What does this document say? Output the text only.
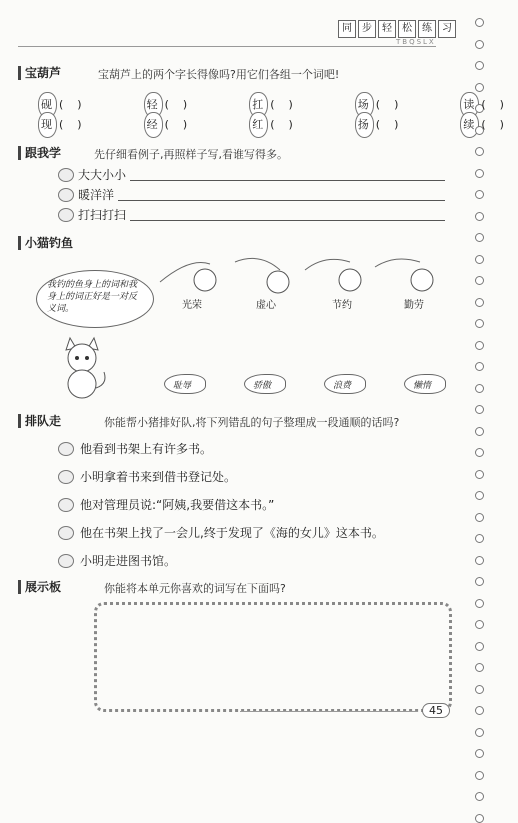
同	步	轻	松	练	习
TBQSLX
宝葫芦	宝葫芦上的两个字长得像吗?用它们各组一个词吧!
砚 ()	轻 ()	扛 ()	场 ()	读 ()
现 ()	经 ()	红 ()	扬 ()	续 ()
跟我学	先仔细看例子,再照样子写,看谁写得多。
大大小小
暖洋洋
打扫打扫
小猫钓鱼
我钓的鱼身上的词和我身上的词正好是一对反义词。	光荣	虚心	节约	勤劳
耻辱	骄傲	浪费	懒惰
排队走	你能帮小猪排好队,将下列错乱的句子整理成一段通顺的话吗?
他看到书架上有许多书。
小明拿着书来到借书登记处。
他对管理员说:“阿姨,我要借这本书。”
他在书架上找了一会儿,终于发现了《海的女儿》这本书。
小明走进图书馆。
展示板	你能将本单元你喜欢的词写在下面吗?
45
